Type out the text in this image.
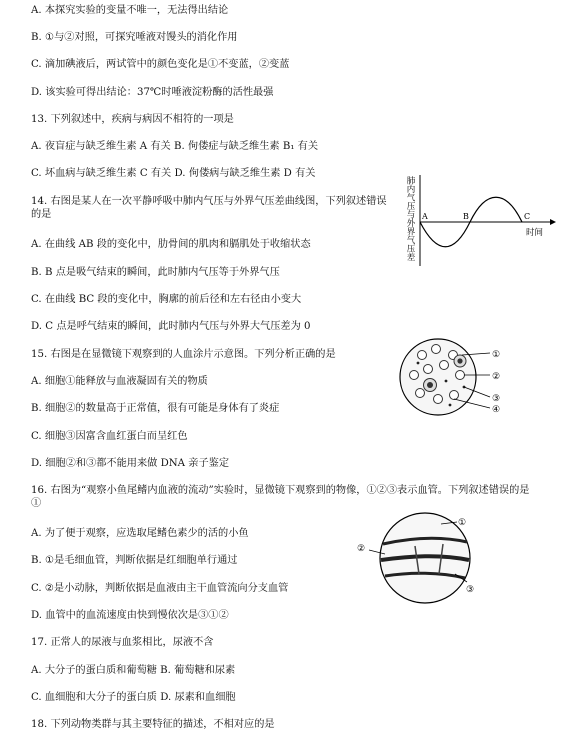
A. 本探究实验的变量不唯一，无法得出结论
B. ①与②对照，可探究唾液对馒头的消化作用
C. 滴加碘液后，两试管中的颜色变化是①不变蓝，②变蓝
D. 该实验可得出结论：37℃时唾液淀粉酶的活性最强
13. 下列叙述中，疾病与病因不相符的一项是
A. 夜盲症与缺乏维生素 A 有关 B. 佝偻症与缺乏维生素 B₁ 有关
C. 坏血病与缺乏维生素 C 有关 D. 佝偻病与缺乏维生素 D 有关
14. 右图是某人在一次平静呼吸中肺内气压与外界气压差曲线图，下列叙述错误的是
A. 在曲线 AB 段的变化中，肋骨间的肌肉和膈肌处于收缩状态
B. B 点是吸气结束的瞬间，此时肺内气压等于外界气压
C. 在曲线 BC 段的变化中，胸廓的前后径和左右径由小变大
D. C 点是呼气结束的瞬间，此时肺内气压与外界大气压差为 0
15. 右图是在显微镜下观察到的人血涂片示意图。下列分析正确的是
A. 细胞①能释放与血液凝固有关的物质
B. 细胞②的数量高于正常值，很有可能是身体有了炎症
C. 细胞③因富含血红蛋白而呈红色
D. 细胞②和③都不能用来做 DNA 亲子鉴定
16. 右图为“观察小鱼尾鳍内血液的流动”实验时，显微镜下观察到的物像，①②③表示血管。下列叙述错误的是①
A. 为了便于观察，应选取尾鳍色素少的活的小鱼
B. ①是毛细血管，判断依据是红细胞单行通过
C. ②是小动脉，判断依据是血液由主干血管流向分支血管
D. 血管中的血流速度由快到慢依次是③①②
17. 正常人的尿液与血浆相比，尿液不含
A. 大分子的蛋白质和葡萄糖 B. 葡萄糖和尿素
C. 血细胞和大分子的蛋白质 D. 尿素和血细胞
18. 下列动物类群与其主要特征的描述，不相对应的是
肺内气压与外界气压差 A	B	C
时间
①
②
③
④
①
②
③
